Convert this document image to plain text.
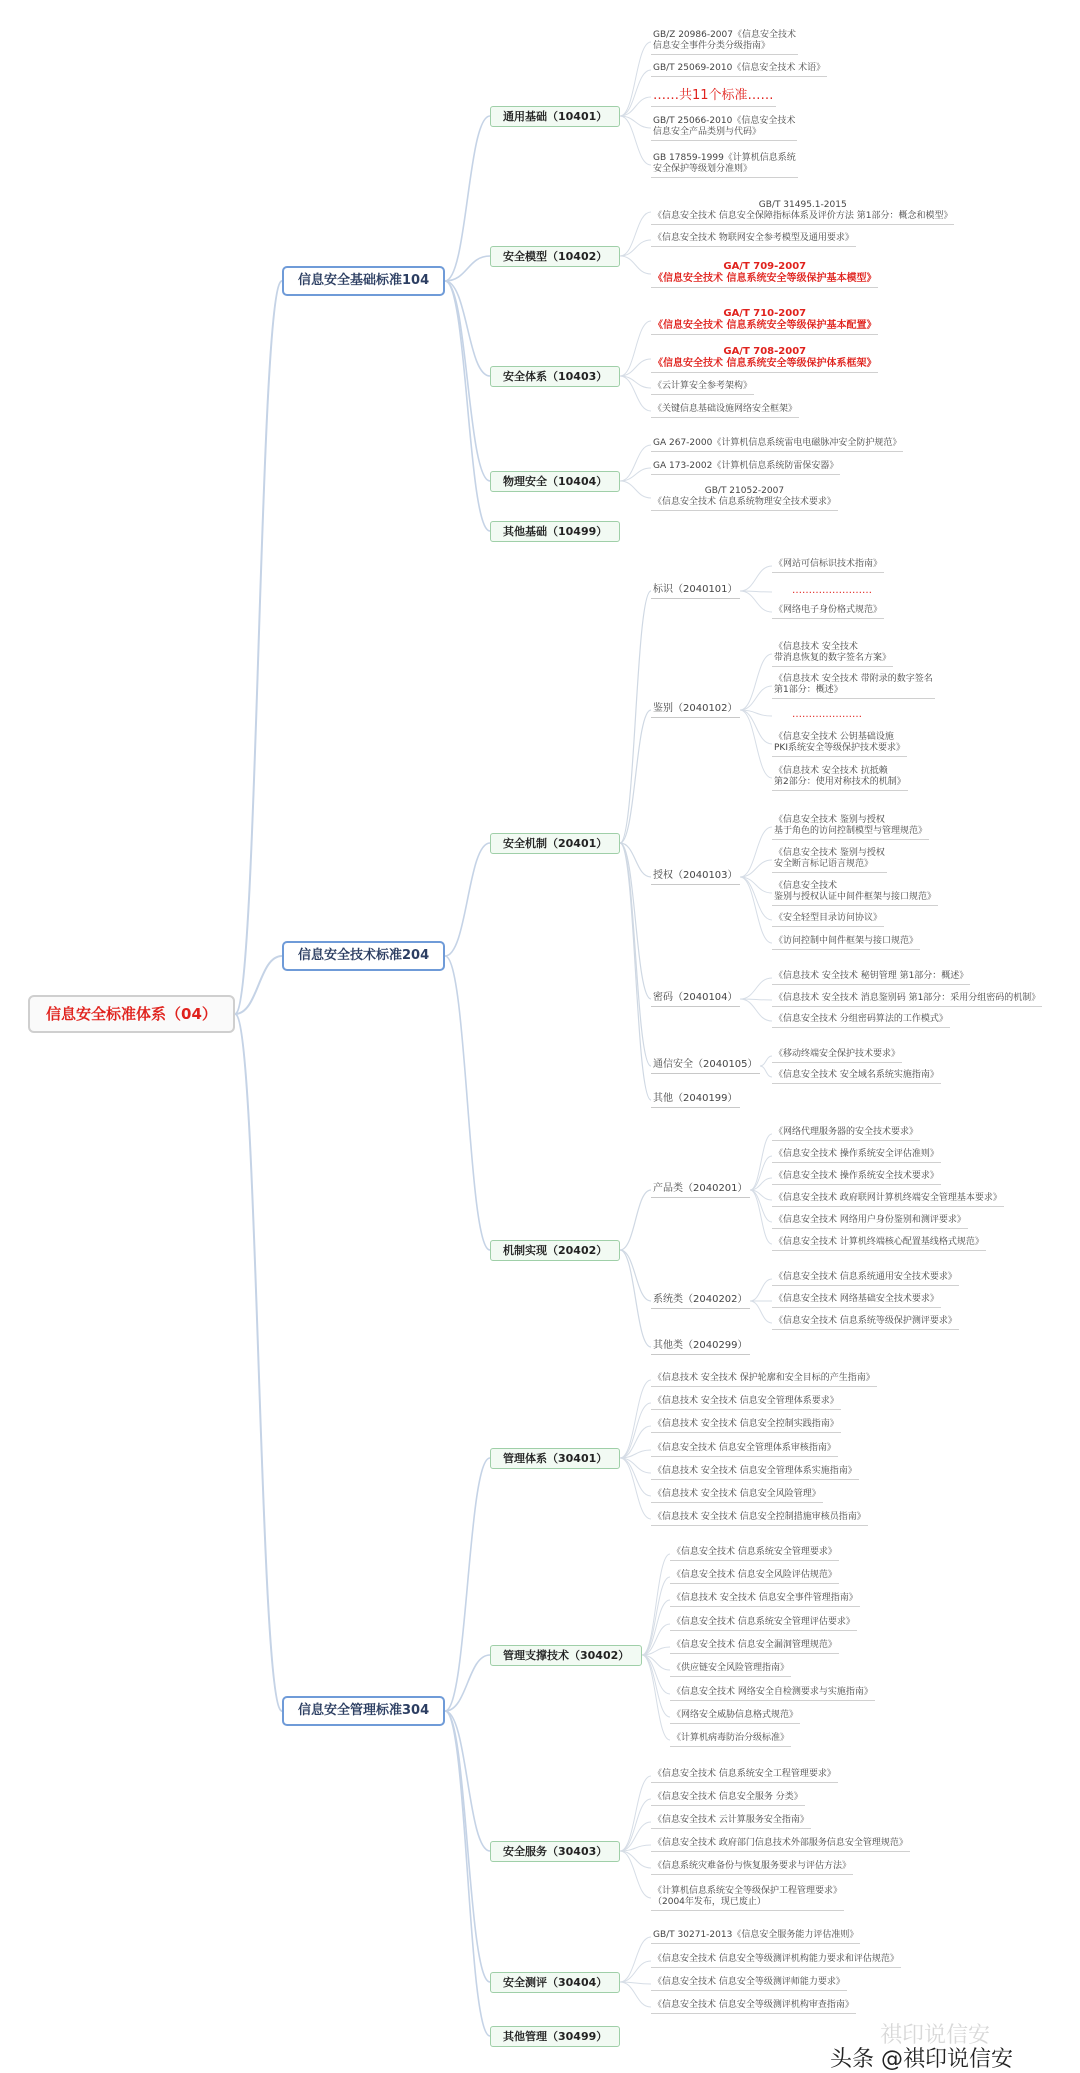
信息安全标准体系（04）
信息安全基础标准104
通用基础（10401）
GB/Z 20986-2007《信息安全技术
信息安全事件分类分级指南》
GB/T 25069-2010《信息安全技术 术语》
……共11个标准……
GB/T 25066-2010《信息安全技术
信息安全产品类别与代码》
GB 17859-1999《计算机信息系统
安全保护等级划分准则》
安全模型（10402）
GB/T 31495.1-2015
《信息安全技术 信息安全保障指标体系及评价方法 第1部分：概念和模型》
《信息安全技术 物联网安全参考模型及通用要求》
GA/T 709-2007
《信息安全技术 信息系统安全等级保护基本模型》
安全体系（10403）
GA/T 710-2007
《信息安全技术 信息系统安全等级保护基本配置》
GA/T 708-2007
《信息安全技术 信息系统安全等级保护体系框架》
《云计算安全参考架构》
《关键信息基础设施网络安全框架》
物理安全（10404）
GA 267-2000《计算机信息系统雷电电磁脉冲安全防护规范》
GA 173-2002《计算机信息系统防雷保安器》
GB/T 21052-2007
《信息安全技术 信息系统物理安全技术要求》
其他基础（10499）
信息安全技术标准204
安全机制（20401）
标识（2040101）
《网站可信标识技术指南》
……………………
《网络电子身份格式规范》
鉴别（2040102）
《信息技术 安全技术
带消息恢复的数字签名方案》
《信息技术 安全技术 带附录的数字签名
第1部分：概述》
…………………
《信息安全技术 公钥基础设施
PKI系统安全等级保护技术要求》
《信息技术 安全技术 抗抵赖
第2部分：使用对称技术的机制》
授权（2040103）
《信息安全技术 鉴别与授权
基于角色的访问控制模型与管理规范》
《信息安全技术 鉴别与授权
安全断言标记语言规范》
《信息安全技术
鉴别与授权认证中间件框架与接口规范》
《安全轻型目录访问协议》
《访问控制中间件框架与接口规范》
密码（2040104）
《信息技术 安全技术 秘钥管理 第1部分：概述》
《信息技术 安全技术 消息鉴别码 第1部分：采用分组密码的机制》
《信息安全技术 分组密码算法的工作模式》
通信安全（2040105）
《移动终端安全保护技术要求》
《信息安全技术 安全域名系统实施指南》
其他（2040199）
机制实现（20402）
产品类（2040201）
《网络代理服务器的安全技术要求》
《信息安全技术 操作系统安全评估准则》
《信息安全技术 操作系统安全技术要求》
《信息安全技术 政府联网计算机终端安全管理基本要求》
《信息安全技术 网络用户身份鉴别和测评要求》
《信息安全技术 计算机终端核心配置基线格式规范》
系统类（2040202）
《信息安全技术 信息系统通用安全技术要求》
《信息安全技术 网络基础安全技术要求》
《信息安全技术 信息系统等级保护测评要求》
其他类（2040299）
信息安全管理标准304
管理体系（30401）
《信息技术 安全技术 保护轮廓和安全目标的产生指南》
《信息技术 安全技术 信息安全管理体系要求》
《信息技术 安全技术 信息安全控制实践指南》
《信息安全技术 信息安全管理体系审核指南》
《信息技术 安全技术 信息安全管理体系实施指南》
《信息技术 安全技术 信息安全风险管理》
《信息技术 安全技术 信息安全控制措施审核员指南》
管理支撑技术（30402）
《信息安全技术 信息系统安全管理要求》
《信息安全技术 信息安全风险评估规范》
《信息技术 安全技术 信息安全事件管理指南》
《信息安全技术 信息系统安全管理评估要求》
《信息安全技术 信息安全漏洞管理规范》
《供应链安全风险管理指南》
《信息安全技术 网络安全自检测要求与实施指南》
《网络安全威胁信息格式规范》
《计算机病毒防治分级标准》
安全服务（30403）
《信息安全技术 信息系统安全工程管理要求》
《信息安全技术 信息安全服务 分类》
《信息安全技术 云计算服务安全指南》
《信息安全技术 政府部门信息技术外部服务信息安全管理规范》
《信息系统灾难备份与恢复服务要求与评估方法》
《计算机信息系统安全等级保护工程管理要求》
（2004年发布，现已废止）
安全测评（30404）
GB/T 30271-2013《信息安全服务能力评估准则》
《信息安全技术 信息安全等级测评机构能力要求和评估规范》
《信息安全技术 信息安全等级测评师能力要求》
《信息安全技术 信息安全等级测评机构审查指南》
其他管理（30499）	祺印说信安
头条 @祺印说信安
